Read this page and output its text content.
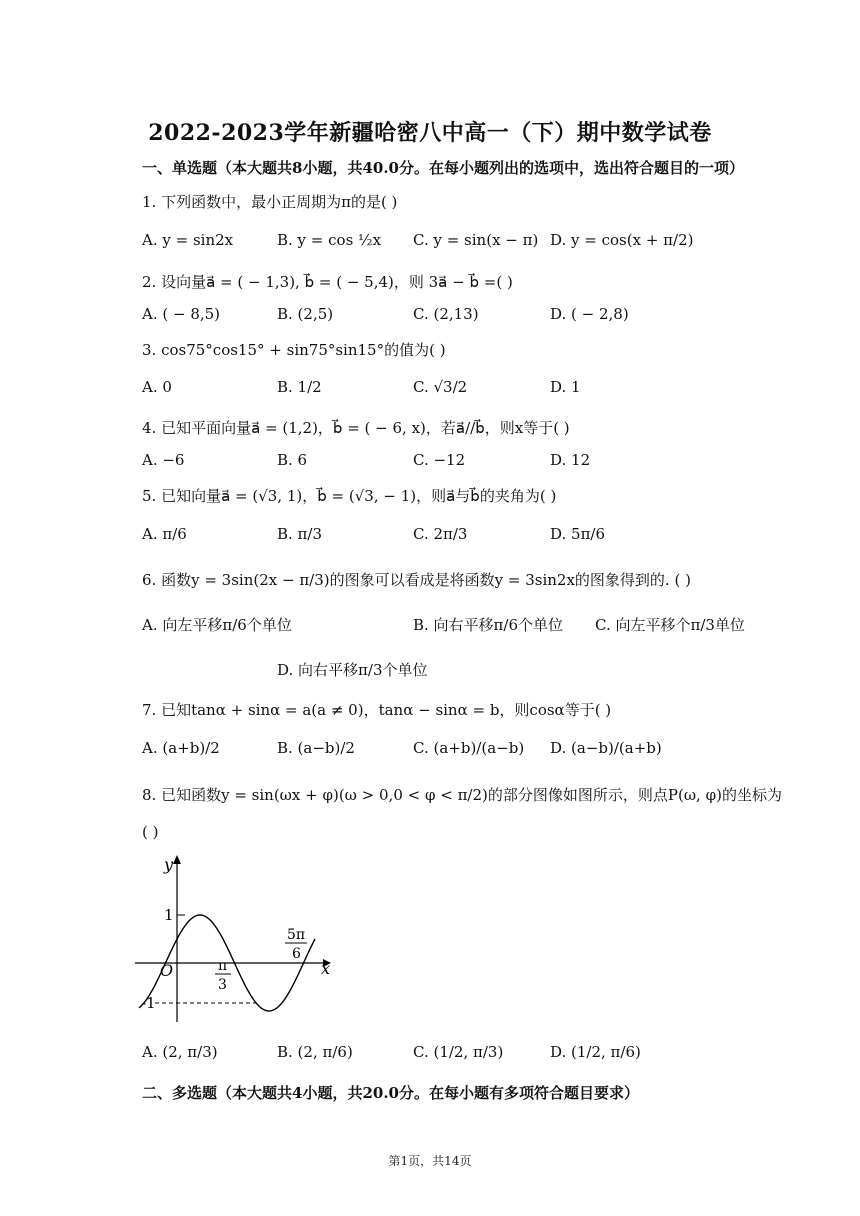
2022-2023学年新疆哈密八中高一（下）期中数学试卷
一、单选题（本大题共8小题，共40.0分。在每小题列出的选项中，选出符合题目的一项）
1. 下列函数中，最小正周期为π的是( )
A. y = sin2x	B. y = cos ½x C. y = sin(x − π) D. y = cos(x + π/2)
2. 设向量a⃗ = ( − 1,3), b⃗ = ( − 5,4)，则 3a⃗ − b⃗ =( )
A. ( − 8,5)	B. (2,5)	C. (2,13)	D. ( − 2,8)
3. cos75°cos15° + sin75°sin15°的值为( )
A. 0	B. 1/2	C. √3/2	D. 1
4. 已知平面向量a⃗ = (1,2)，b⃗ = ( − 6, x)，若a⃗//b⃗，则x等于( )
A. −6	B. 6	C. −12	D. 12
5. 已知向量a⃗ = (√3, 1)，b⃗ = (√3, − 1)，则a⃗与b⃗的夹角为( )
A. π/6	B. π/3	C. 2π/3	D. 5π/6
6. 函数y = 3sin(2x − π/3)的图象可以看成是将函数y = 3sin2x的图象得到的. ( )
A. 向左平移π/6个单位	B. 向右平移π/6个单位 C. 向左平移个π/3单位
D. 向右平移π/3个单位
7. 已知tanα + sinα = a(a ≠ 0)，tanα − sinα = b，则cosα等于( )
A. (a+b)/2	B. (a−b)/2	C. (a+b)/(a−b) D. (a−b)/(a+b)
8. 已知函数y = sin(ωx + φ)(ω > 0,0 < φ < π/2)的部分图像如图所示，则点P(ω, φ)的坐标为
( )
y
x
O
1
-1
π
3
5π
6
A. (2, π/3)	B. (2, π/6)	C. (1/2, π/3)	D. (1/2, π/6)
二、多选题（本大题共4小题，共20.0分。在每小题有多项符合题目要求）
第1页，共14页
